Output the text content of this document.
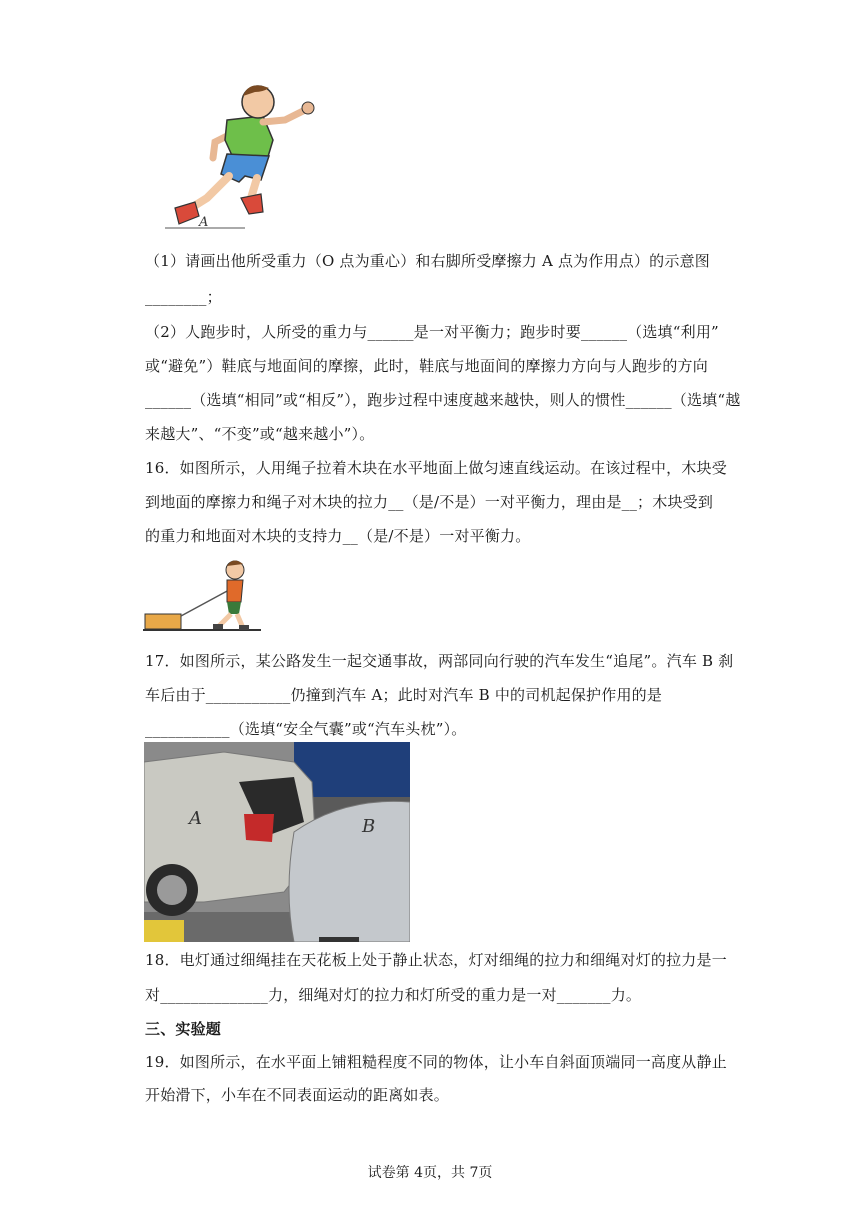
A
（1）请画出他所受重力（O 点为重心）和右脚所受摩擦力 A 点为作用点）的示意图
________；
（2）人跑步时，人所受的重力与______是一对平衡力；跑步时要______（选填“利用”
或“避免”）鞋底与地面间的摩擦，此时，鞋底与地面间的摩擦力方向与人跑步的方向
______（选填“相同”或“相反”），跑步过程中速度越来越快，则人的惯性______（选填“越
来越大”、“不变”或“越来越小”）。
16．如图所示，人用绳子拉着木块在水平地面上做匀速直线运动。在该过程中，木块受
到地面的摩擦力和绳子对木块的拉力__（是/不是）一对平衡力，理由是__；木块受到
的重力和地面对木块的支持力__（是/不是）一对平衡力。
17．如图所示，某公路发生一起交通事故，两部同向行驶的汽车发生“追尾”。汽车 B 刹
车后由于___________仍撞到汽车 A；此时对汽车 B 中的司机起保护作用的是
___________（选填“安全气囊”或“汽车头枕”）。
A	B
18．电灯通过细绳挂在天花板上处于静止状态，灯对细绳的拉力和细绳对灯的拉力是一
对______________力，细绳对灯的拉力和灯所受的重力是一对_______力。
三、实验题
19．如图所示，在水平面上铺粗糙程度不同的物体，让小车自斜面顶端同一高度从静止
开始滑下，小车在不同表面运动的距离如表。
试卷第 4页，共 7页
